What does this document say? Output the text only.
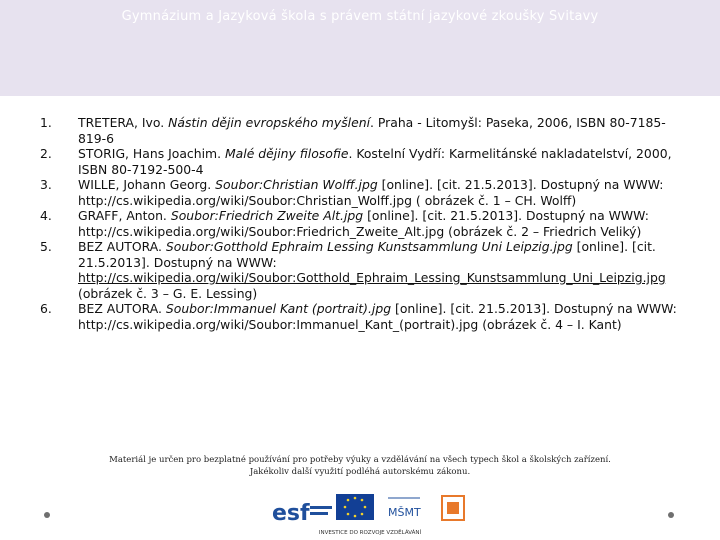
Gymnázium a Jazyková škola s právem státní jazykové zkoušky Svitavy
1. TRETERA, Ivo. Nástin dějin evropského myšlení. Praha - Litomyšl: Paseka, 2006, ISBN 80-7185-819-6
2. STORIG, Hans Joachim. Malé dějiny filosofie. Kostelní Vydří: Karmelitánské nakladatelství, 2000, ISBN 80-7192-500-4
3. WILLE, Johann Georg. Soubor:Christian Wolff.jpg [online]. [cit. 21.5.2013]. Dostupný na WWW: http://cs.wikipedia.org/wiki/Soubor:Christian_Wolff.jpg ( obrázek č. 1 – CH. Wolff)
4. GRAFF, Anton. Soubor:Friedrich Zweite Alt.jpg [online]. [cit. 21.5.2013]. Dostupný na WWW: http://cs.wikipedia.org/wiki/Soubor:Friedrich_Zweite_Alt.jpg (obrázek č. 2 – Friedrich Veliký)
5. BEZ AUTORA. Soubor:Gotthold Ephraim Lessing Kunstsammlung Uni Leipzig.jpg [online]. [cit. 21.5.2013]. Dostupný na WWW: http://cs.wikipedia.org/wiki/Soubor:Gotthold_Ephraim_Lessing_Kunstsammlung_Uni_Leipzig.jpg (obrázek č. 3 – G. E. Lessing)
6. BEZ AUTORA. Soubor:Immanuel Kant (portrait).jpg [online]. [cit. 21.5.2013]. Dostupný na WWW: http://cs.wikipedia.org/wiki/Soubor:Immanuel_Kant_(portrait).jpg (obrázek č. 4 – I. Kant)
Materiál je určen pro bezplatné používání pro potřeby výuky a vzdělávání na všech typech škol a školských zařízení.
Jakékoliv další využití podléhá autorskému zákonu.
esf	MŠMT
INVESTICE DO ROZVOJE VZDĚLÁVÁNÍ
